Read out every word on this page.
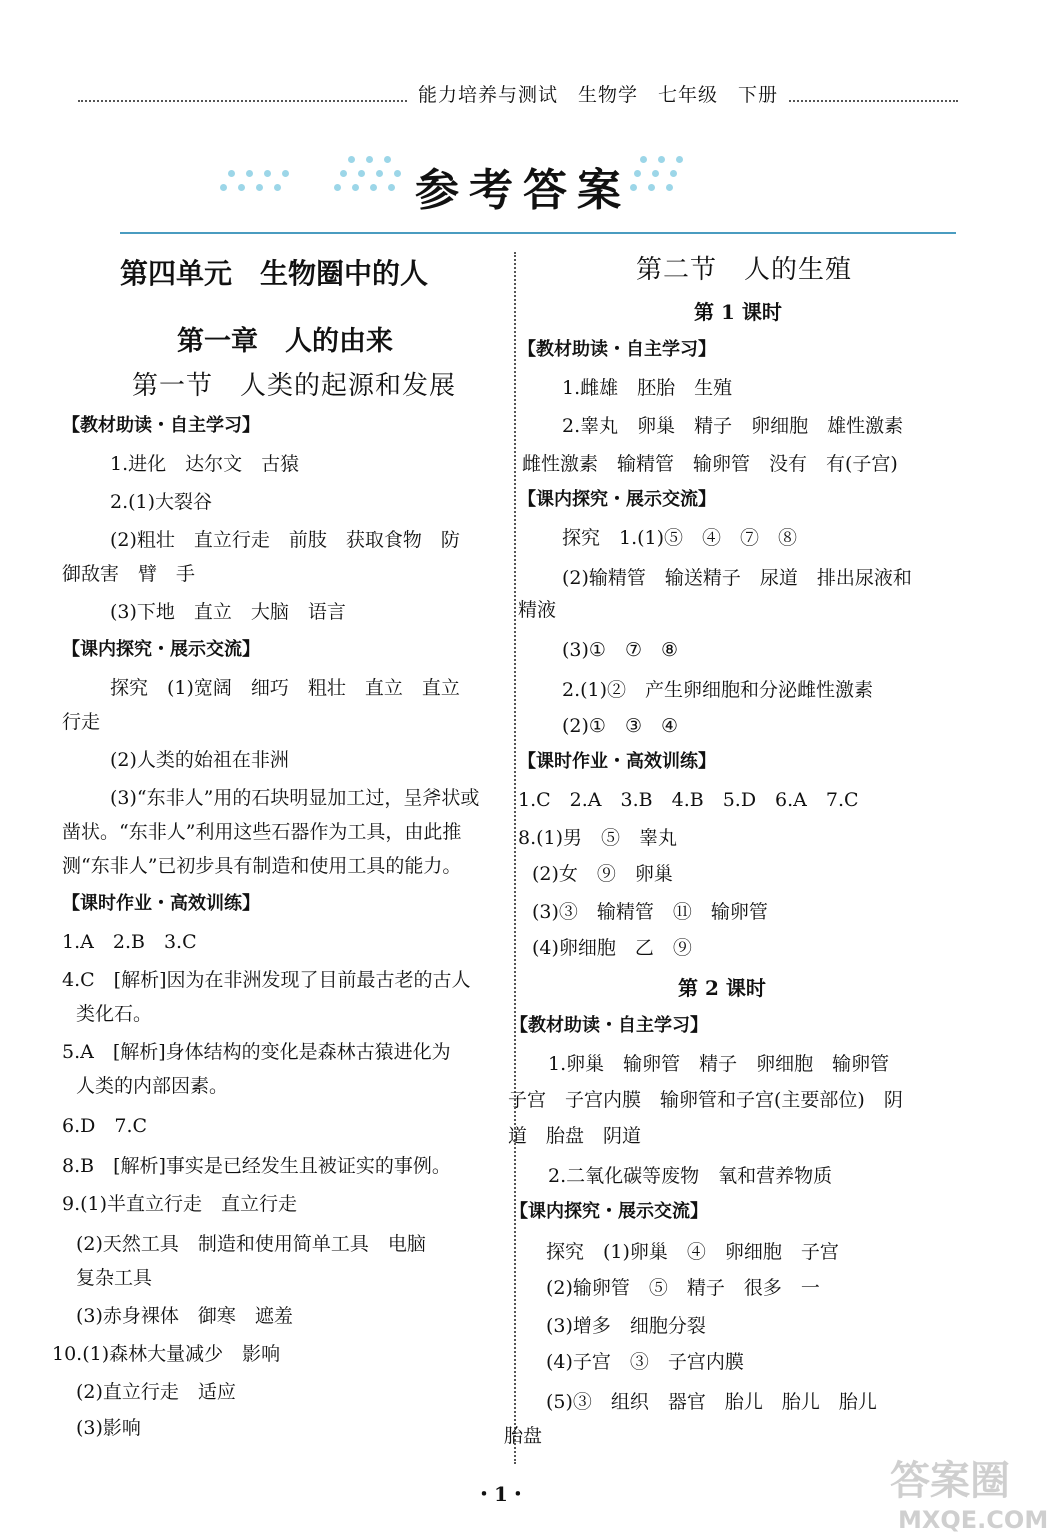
能力培养与测试　生物学　七年级　下册
参考答案
第四单元　生物圈中的人
第一章　人的由来
第一节　人类的起源和发展
【教材助读・自主学习】
1.进化　达尔文　古猿
2.(1)大裂谷
(2)粗壮　直立行走　前肢　获取食物　防
御敌害　臂　手
(3)下地　直立　大脑　语言
【课内探究・展示交流】
探究　(1)宽阔　细巧　粗壮　直立　直立
行走
(2)人类的始祖在非洲
(3)“东非人”用的石块明显加工过，呈斧状或
凿状。“东非人”利用这些石器作为工具，由此推
测“东非人”已初步具有制造和使用工具的能力。
【课时作业・高效训练】
1.A　2.B　3.C
4.C　[解析]因为在非洲发现了目前最古老的古人
类化石。
5.A　[解析]身体结构的变化是森林古猿进化为
人类的内部因素。
6.D　7.C
8.B　[解析]事实是已经发生且被证实的事例。
9.(1)半直立行走　直立行走
(2)天然工具　制造和使用简单工具　电脑
复杂工具
(3)赤身裸体　御寒　遮羞
10.(1)森林大量减少　影响
(2)直立行走　适应
(3)影响
第二节　人的生殖
第 1 课时
【教材助读・自主学习】
1.雌雄　胚胎　生殖
2.睾丸　卵巢　精子　卵细胞　雄性激素
雌性激素　输精管　输卵管　没有　有(子宫)
【课内探究・展示交流】
探究　1.(1)⑤　④　⑦　⑧
(2)输精管　输送精子　尿道　排出尿液和
精液
(3)①　⑦　⑧
2.(1)②　产生卵细胞和分泌雌性激素
(2)①　③　④
【课时作业・高效训练】
1.C　2.A　3.B　4.B　5.D　6.A　7.C
8.(1)男　⑤　睾丸
(2)女　⑨　卵巢
(3)③　输精管　⑪　输卵管
(4)卵细胞　乙　⑨
第 2 课时
【教材助读・自主学习】
1.卵巢　输卵管　精子　卵细胞　输卵管
子宫　子宫内膜　输卵管和子宫(主要部位)　阴
道　胎盘　阴道
2.二氧化碳等废物　氧和营养物质
【课内探究・展示交流】
探究　(1)卵巢　④　卵细胞　子宫
(2)输卵管　⑤　精子　很多　一
(3)增多　细胞分裂
(4)子宫　③　子宫内膜
(5)③　组织　器官　胎儿　胎儿　胎儿
胎盘
・1・	答案圈
MXQE.COM
